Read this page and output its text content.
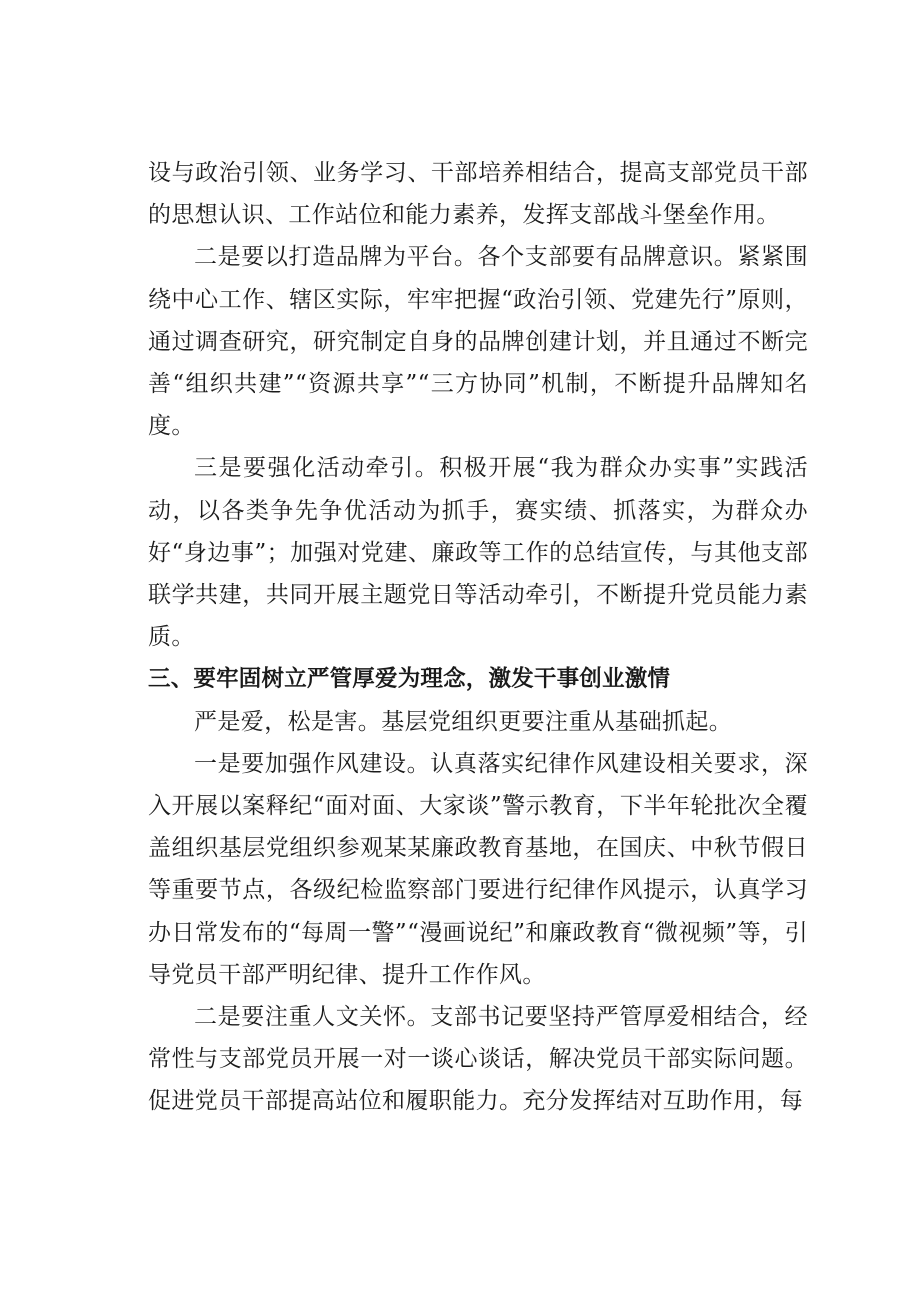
设与政治引领、业务学习、干部培养相结合，提高支部党员干部的思想认识、工作站位和能力素养，发挥支部战斗堡垒作用。

二是要以打造品牌为平台。各个支部要有品牌意识。紧紧围绕中心工作、辖区实际，牢牢把握“政治引领、党建先行”原则，通过调查研究，研究制定自身的品牌创建计划，并且通过不断完善“组织共建”“资源共享”“三方协同”机制，不断提升品牌知名度。

三是要强化活动牵引。积极开展“我为群众办实事”实践活动，以各类争先争优活动为抓手，赛实绩、抓落实，为群众办好“身边事”；加强对党建、廉政等工作的总结宣传，与其他支部联学共建，共同开展主题党日等活动牵引，不断提升党员能力素质。

三、要牢固树立严管厚爱为理念，激发干事创业激情

严是爱，松是害。基层党组织更要注重从基础抓起。

一是要加强作风建设。认真落实纪律作风建设相关要求，深入开展以案释纪“面对面、大家谈”警示教育，下半年轮批次全覆盖组织基层党组织参观某某廉政教育基地，在国庆、中秋节假日等重要节点，各级纪检监察部门要进行纪律作风提示，认真学习办日常发布的“每周一警”“漫画说纪”和廉政教育“微视频”等，引导党员干部严明纪律、提升工作作风。

二是要注重人文关怀。支部书记要坚持严管厚爱相结合，经常性与支部党员开展一对一谈心谈话，解决党员干部实际问题。促进党员干部提高站位和履职能力。充分发挥结对互助作用，每
